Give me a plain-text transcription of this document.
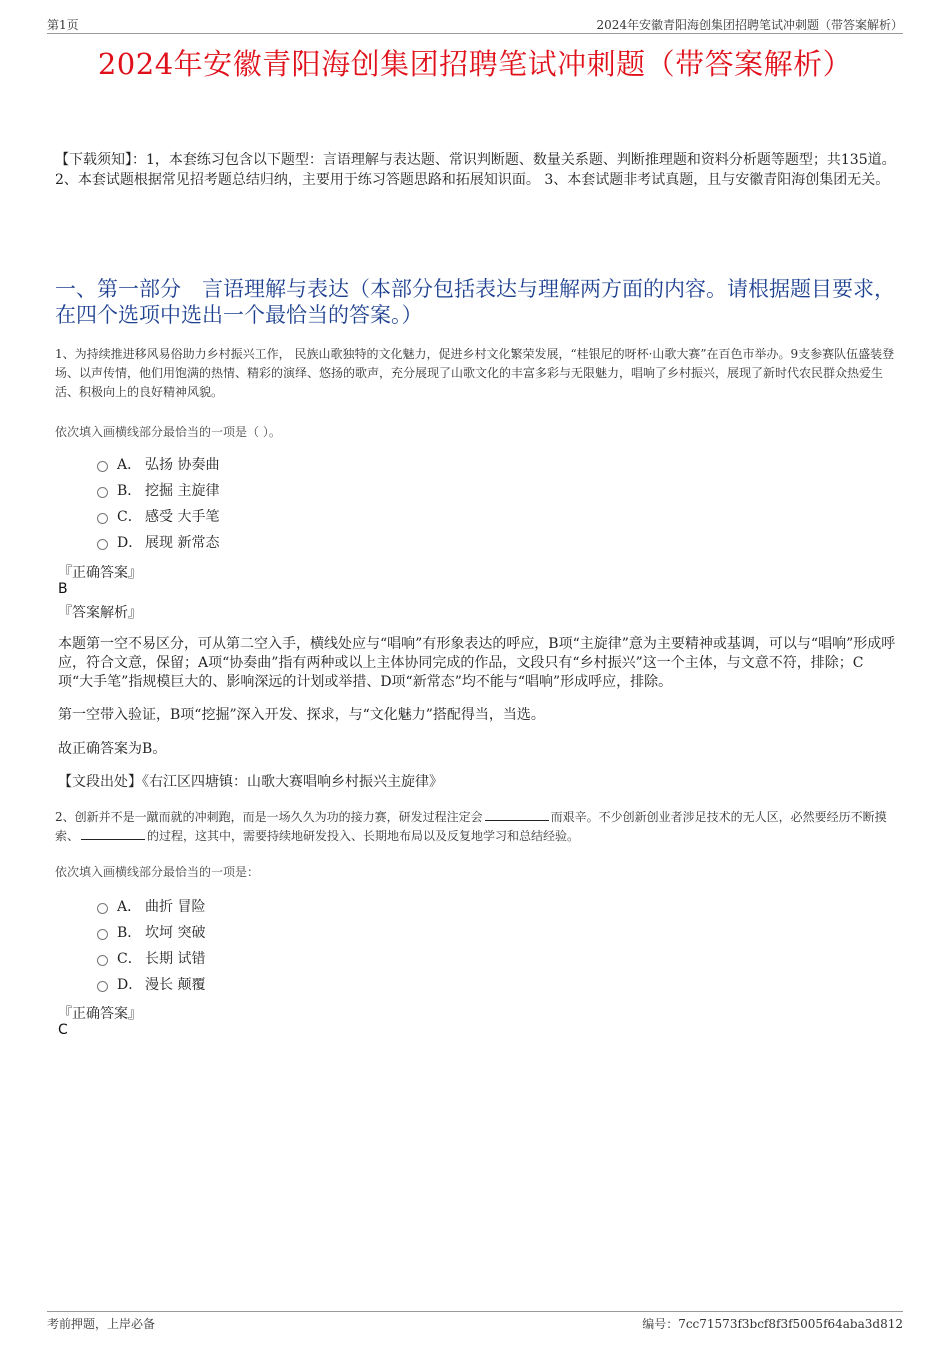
第1页	2024年安徽青阳海创集团招聘笔试冲刺题（带答案解析）
2024年安徽青阳海创集团招聘笔试冲刺题（带答案解析）
【下载须知】：1，本套练习包含以下题型：言语理解与表达题、常识判断题、数量关系题、判断推理题和资料分析题等题型；共135道。 2、本套试题根据常见招考题总结归纳，主要用于练习答题思路和拓展知识面。 3、本套试题非考试真题，且与安徽青阳海创集团无关。
一、第一部分　言语理解与表达（本部分包括表达与理解两方面的内容。请根据题目要求，在四个选项中选出一个最恰当的答案。）
1、为持续推进移风易俗助力乡村振兴工作， 民族山歌独特的文化魅力，促进乡村文化繁荣发展，“桂银尼的呀杯·山歌大赛”在百色市举办。9支参赛队伍盛装登场、以声传情，他们用饱满的热情、精彩的演绎、悠扬的歌声，充分展现了山歌文化的丰富多彩与无限魅力，唱响了乡村振兴，展现了新时代农民群众热爱生活、积极向上的良好精神风貌。
依次填入画横线部分最恰当的一项是（ ）。
A． 弘扬 协奏曲
B． 挖掘 主旋律
C． 感受 大手笔
D． 展现 新常态
『正确答案』
B
『答案解析』
本题第一空不易区分，可从第二空入手，横线处应与“唱响”有形象表达的呼应，B项“主旋律”意为主要精神或基调，可以与“唱响”形成呼应，符合文意，保留；A项“协奏曲”指有两种或以上主体协同完成的作品，文段只有“乡村振兴”这一个主体，与文意不符，排除；C项“大手笔”指规模巨大的、影响深远的计划或举措、D项“新常态”均不能与“唱响”形成呼应，排除。
第一空带入验证，B项“挖掘”深入开发、探求，与“文化魅力”搭配得当，当选。
故正确答案为B。
【文段出处】《右江区四塘镇：山歌大赛唱响乡村振兴主旋律》
2、创新并不是一蹴而就的冲刺跑，而是一场久久为功的接力赛，研发过程注定会	而艰辛。不少创新创业者涉足技术的无人区，必然要经历不断摸索、	的过程，这其中，需要持续地研发投入、长期地布局以及反复地学习和总结经验。
依次填入画横线部分最恰当的一项是：
A． 曲折 冒险
B． 坎坷 突破
C． 长期 试错
D． 漫长 颠覆
『正确答案』
C
考前押题，上岸必备	编号：7cc71573f3bcf8f3f5005f64aba3d812
